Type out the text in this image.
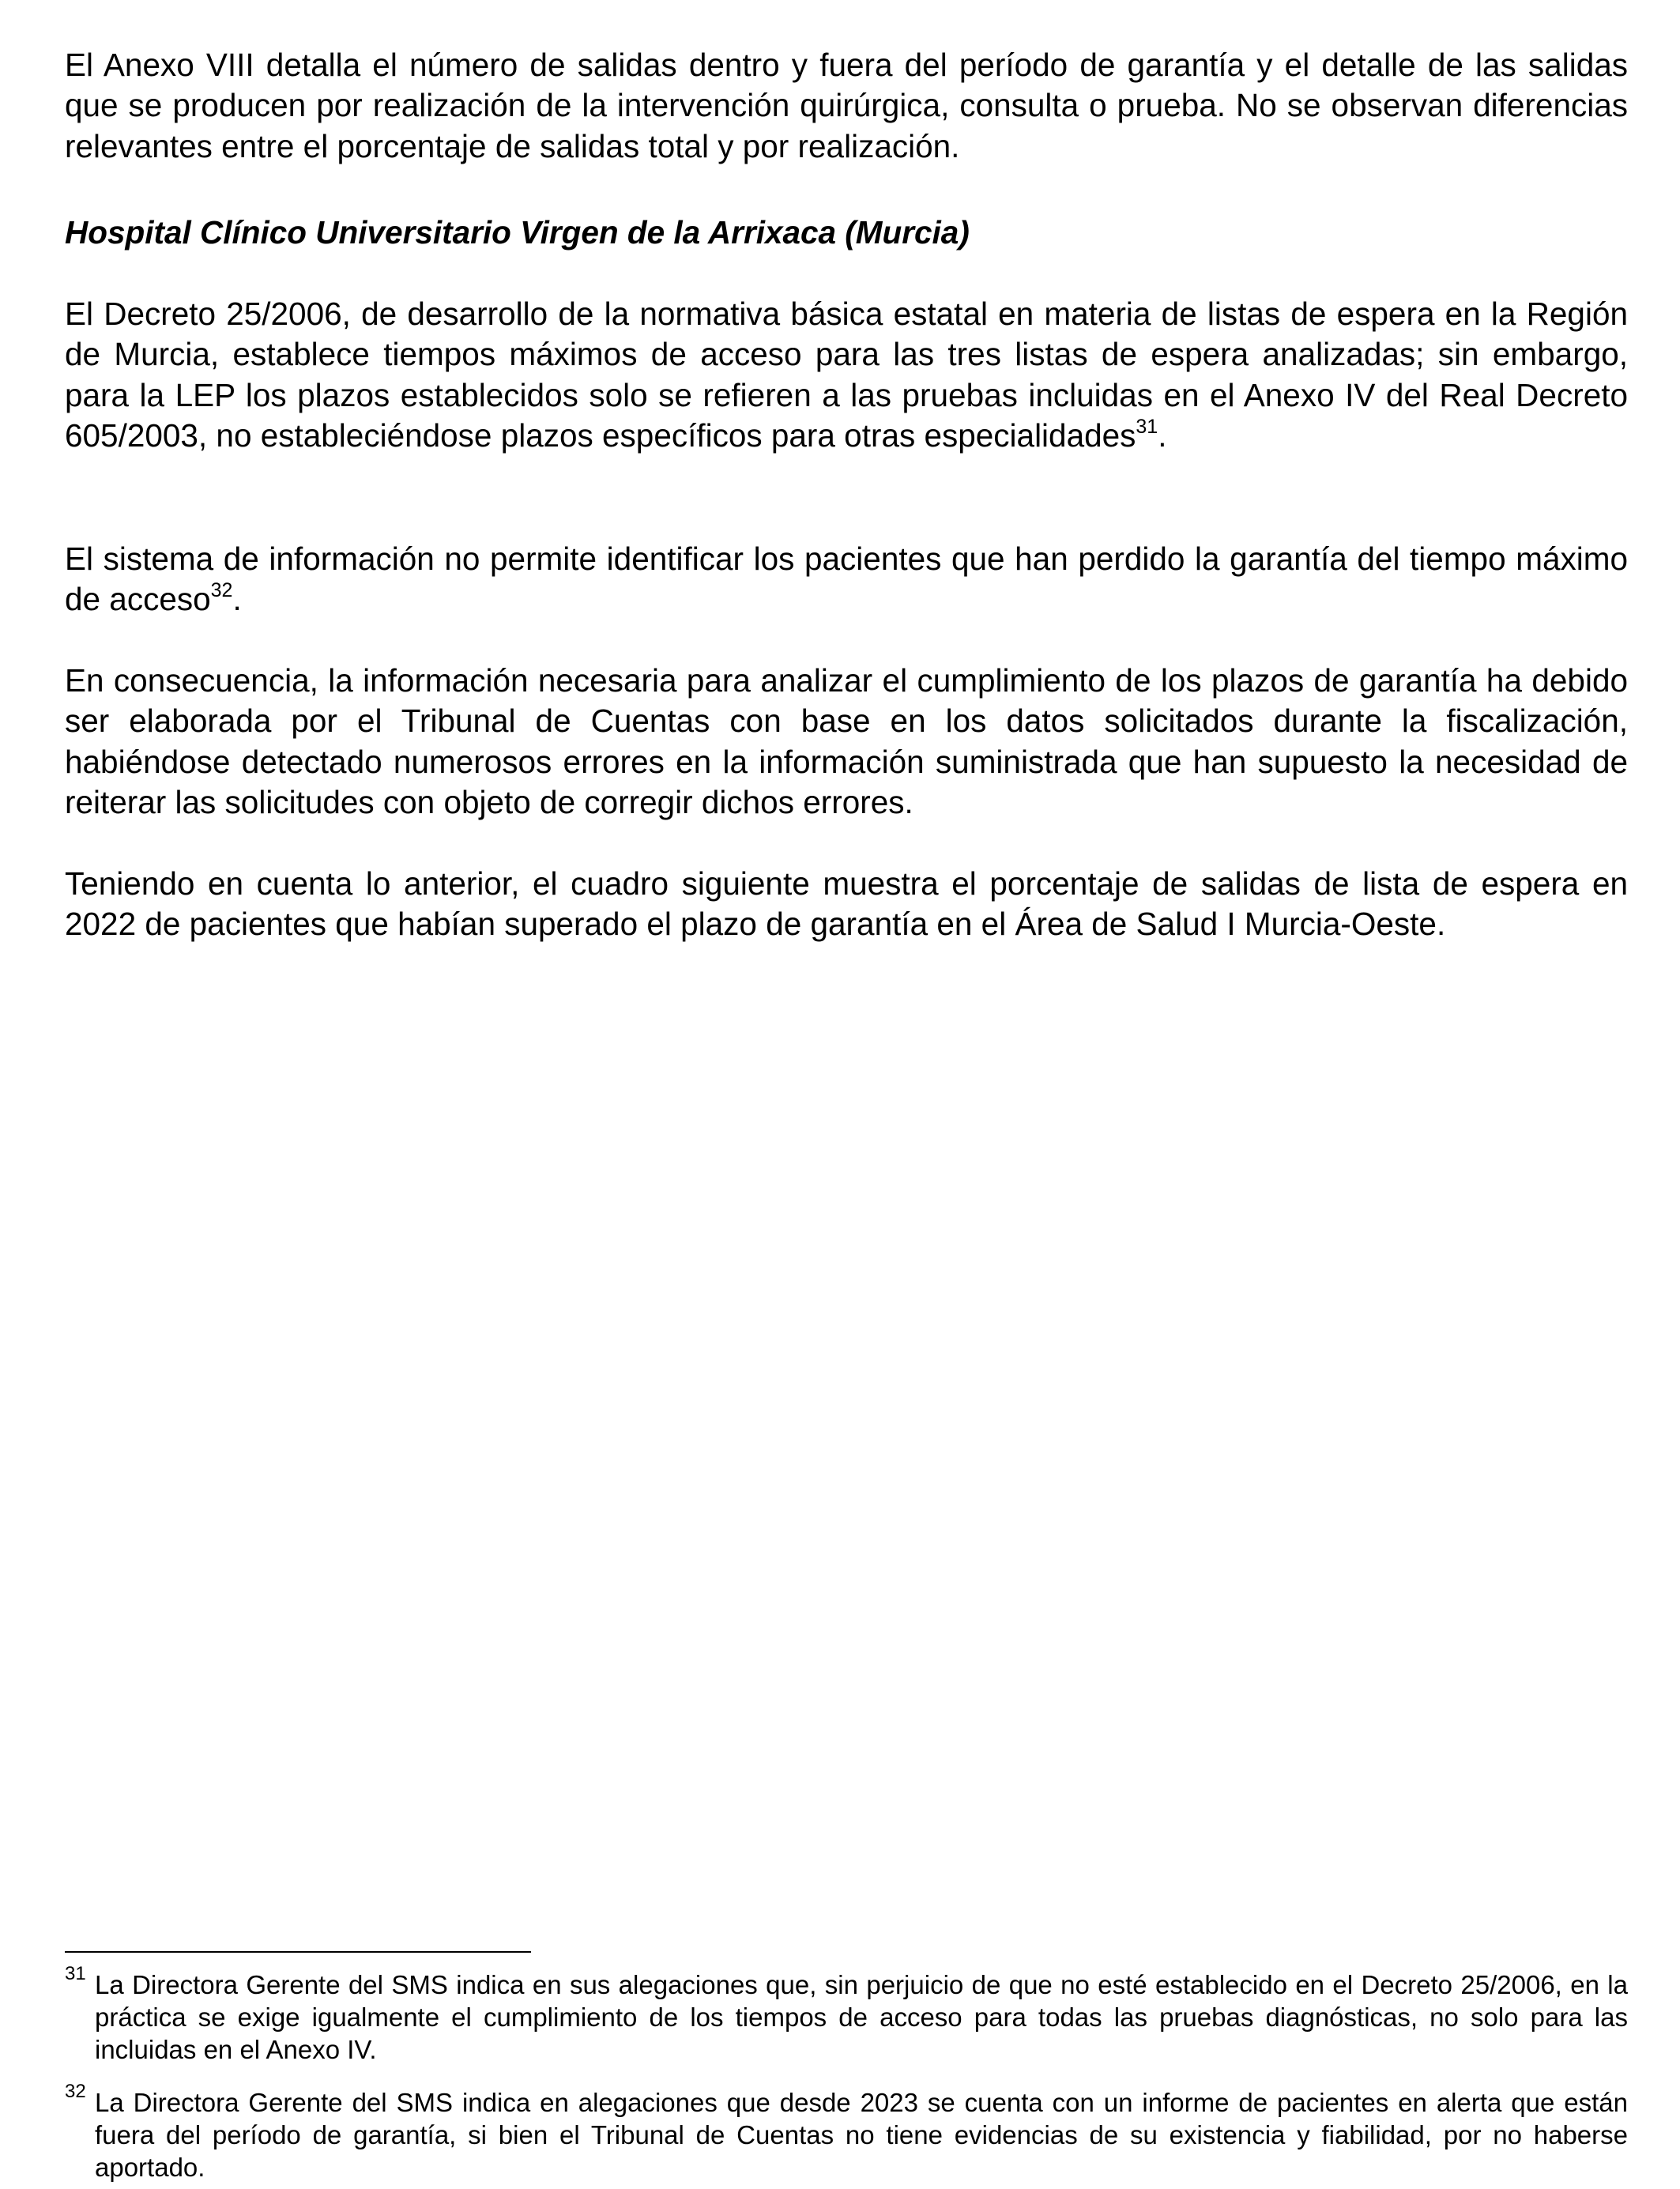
El Anexo VIII detalla el número de salidas dentro y fuera del período de garantía y el detalle de las salidas que se producen por realización de la intervención quirúrgica, consulta o prueba. No se observan diferencias relevantes entre el porcentaje de salidas total y por realización.

Hospital Clínico Universitario Virgen de la Arrixaca (Murcia)

El Decreto 25/2006, de desarrollo de la normativa básica estatal en materia de listas de espera en la Región de Murcia, establece tiempos máximos de acceso para las tres listas de espera analizadas; sin embargo, para la LEP los plazos establecidos solo se refieren a las pruebas incluidas en el Anexo IV del Real Decreto 605/2003, no estableciéndose plazos específicos para otras especialidades$^{31}$.

El sistema de información no permite identificar los pacientes que han perdido la garantía del tiempo máximo de acceso$^{32}$.

En consecuencia, la información necesaria para analizar el cumplimiento de los plazos de garantía ha debido ser elaborada por el Tribunal de Cuentas con base en los datos solicitados durante la fiscalización, habiéndose detectado numerosos errores en la información suministrada que han supuesto la necesidad de reiterar las solicitudes con objeto de corregir dichos errores.

Teniendo en cuenta lo anterior, el cuadro siguiente muestra el porcentaje de salidas de lista de espera en 2022 de pacientes que habían superado el plazo de garantía en el Área de Salud I Murcia-Oeste.

31 La Directora Gerente del SMS indica en sus alegaciones que, sin perjuicio de que no esté establecido en el Decreto 25/2006, en la práctica se exige igualmente el cumplimiento de los tiempos de acceso para todas las pruebas diagnósticas, no solo para las incluidas en el Anexo IV.
32 La Directora Gerente del SMS indica en alegaciones que desde 2023 se cuenta con un informe de pacientes en alerta que están fuera del período de garantía, si bien el Tribunal de Cuentas no tiene evidencias de su existencia y fiabilidad, por no haberse aportado.
